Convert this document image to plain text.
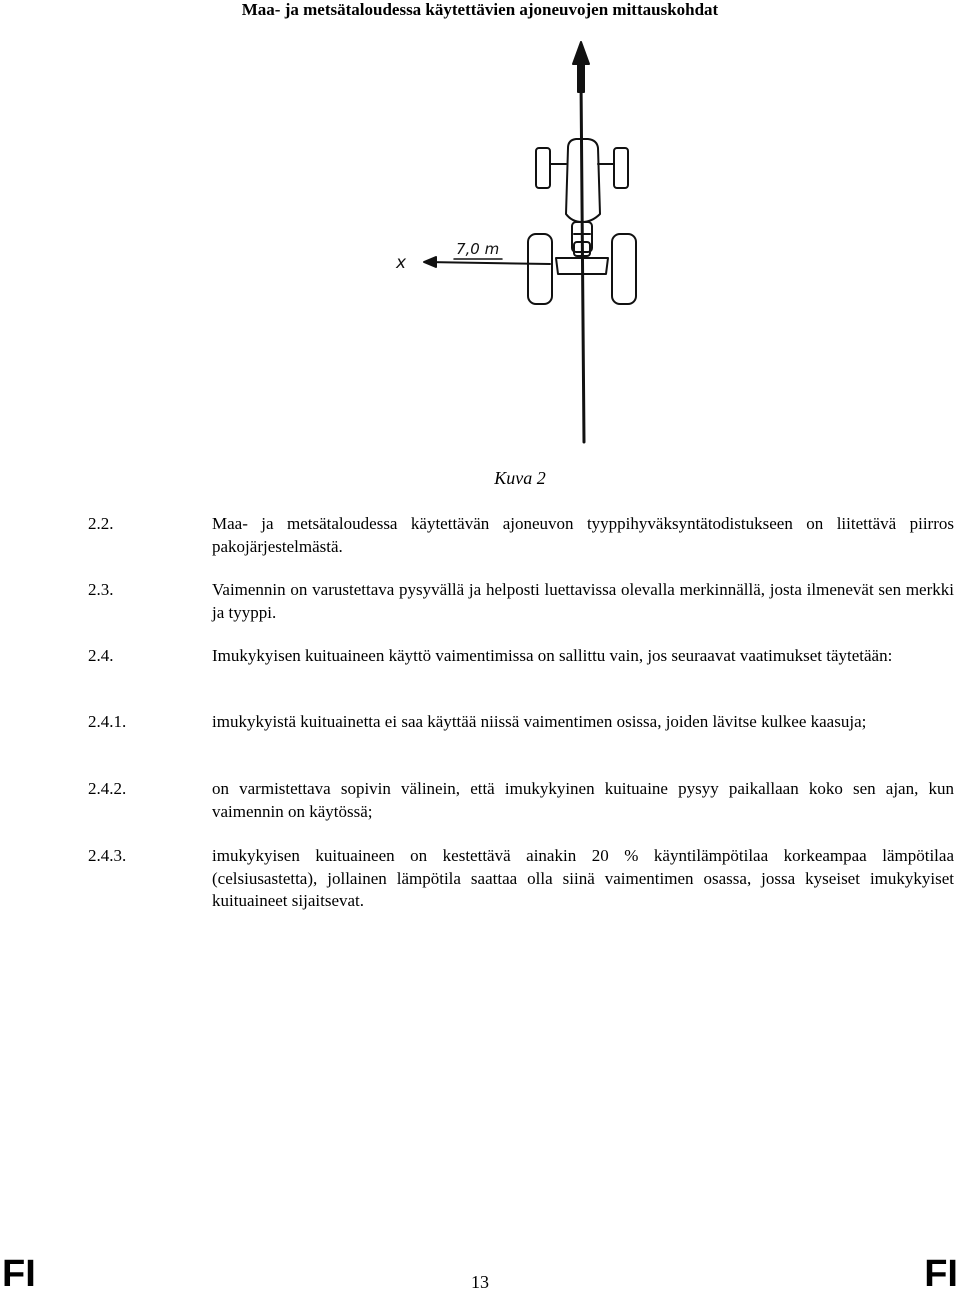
Maa- ja metsätaloudessa käytettävien ajoneuvojen mittauskohdat
7,0 m
x
Kuva 2
2.2.	Maa- ja metsätaloudessa käytettävän ajoneuvon tyyppihyväksyntätodistukseen on liitettävä piirros pakojärjestelmästä.
2.3.	Vaimennin on varustettava pysyvällä ja helposti luettavissa olevalla merkinnällä, josta ilmenevät sen merkki ja tyyppi.
2.4.	Imukykyisen kuituaineen käyttö vaimentimissa on sallittu vain, jos seuraavat vaatimukset täytetään:
2.4.1.	imukykyistä kuituainetta ei saa käyttää niissä vaimentimen osissa, joiden lävitse kulkee kaasuja;
2.4.2.	on varmistettava sopivin välinein, että imukykyinen kuituaine pysyy paikallaan koko sen ajan, kun vaimennin on käytössä;
2.4.3.	imukykyisen kuituaineen on kestettävä ainakin 20 % käyntilämpötilaa korkeampaa lämpötilaa (celsiusastetta), jollainen lämpötila saattaa olla siinä vaimentimen osassa, jossa kyseiset imukykyiset kuituaineet sijaitsevat.
FI	13	FI
